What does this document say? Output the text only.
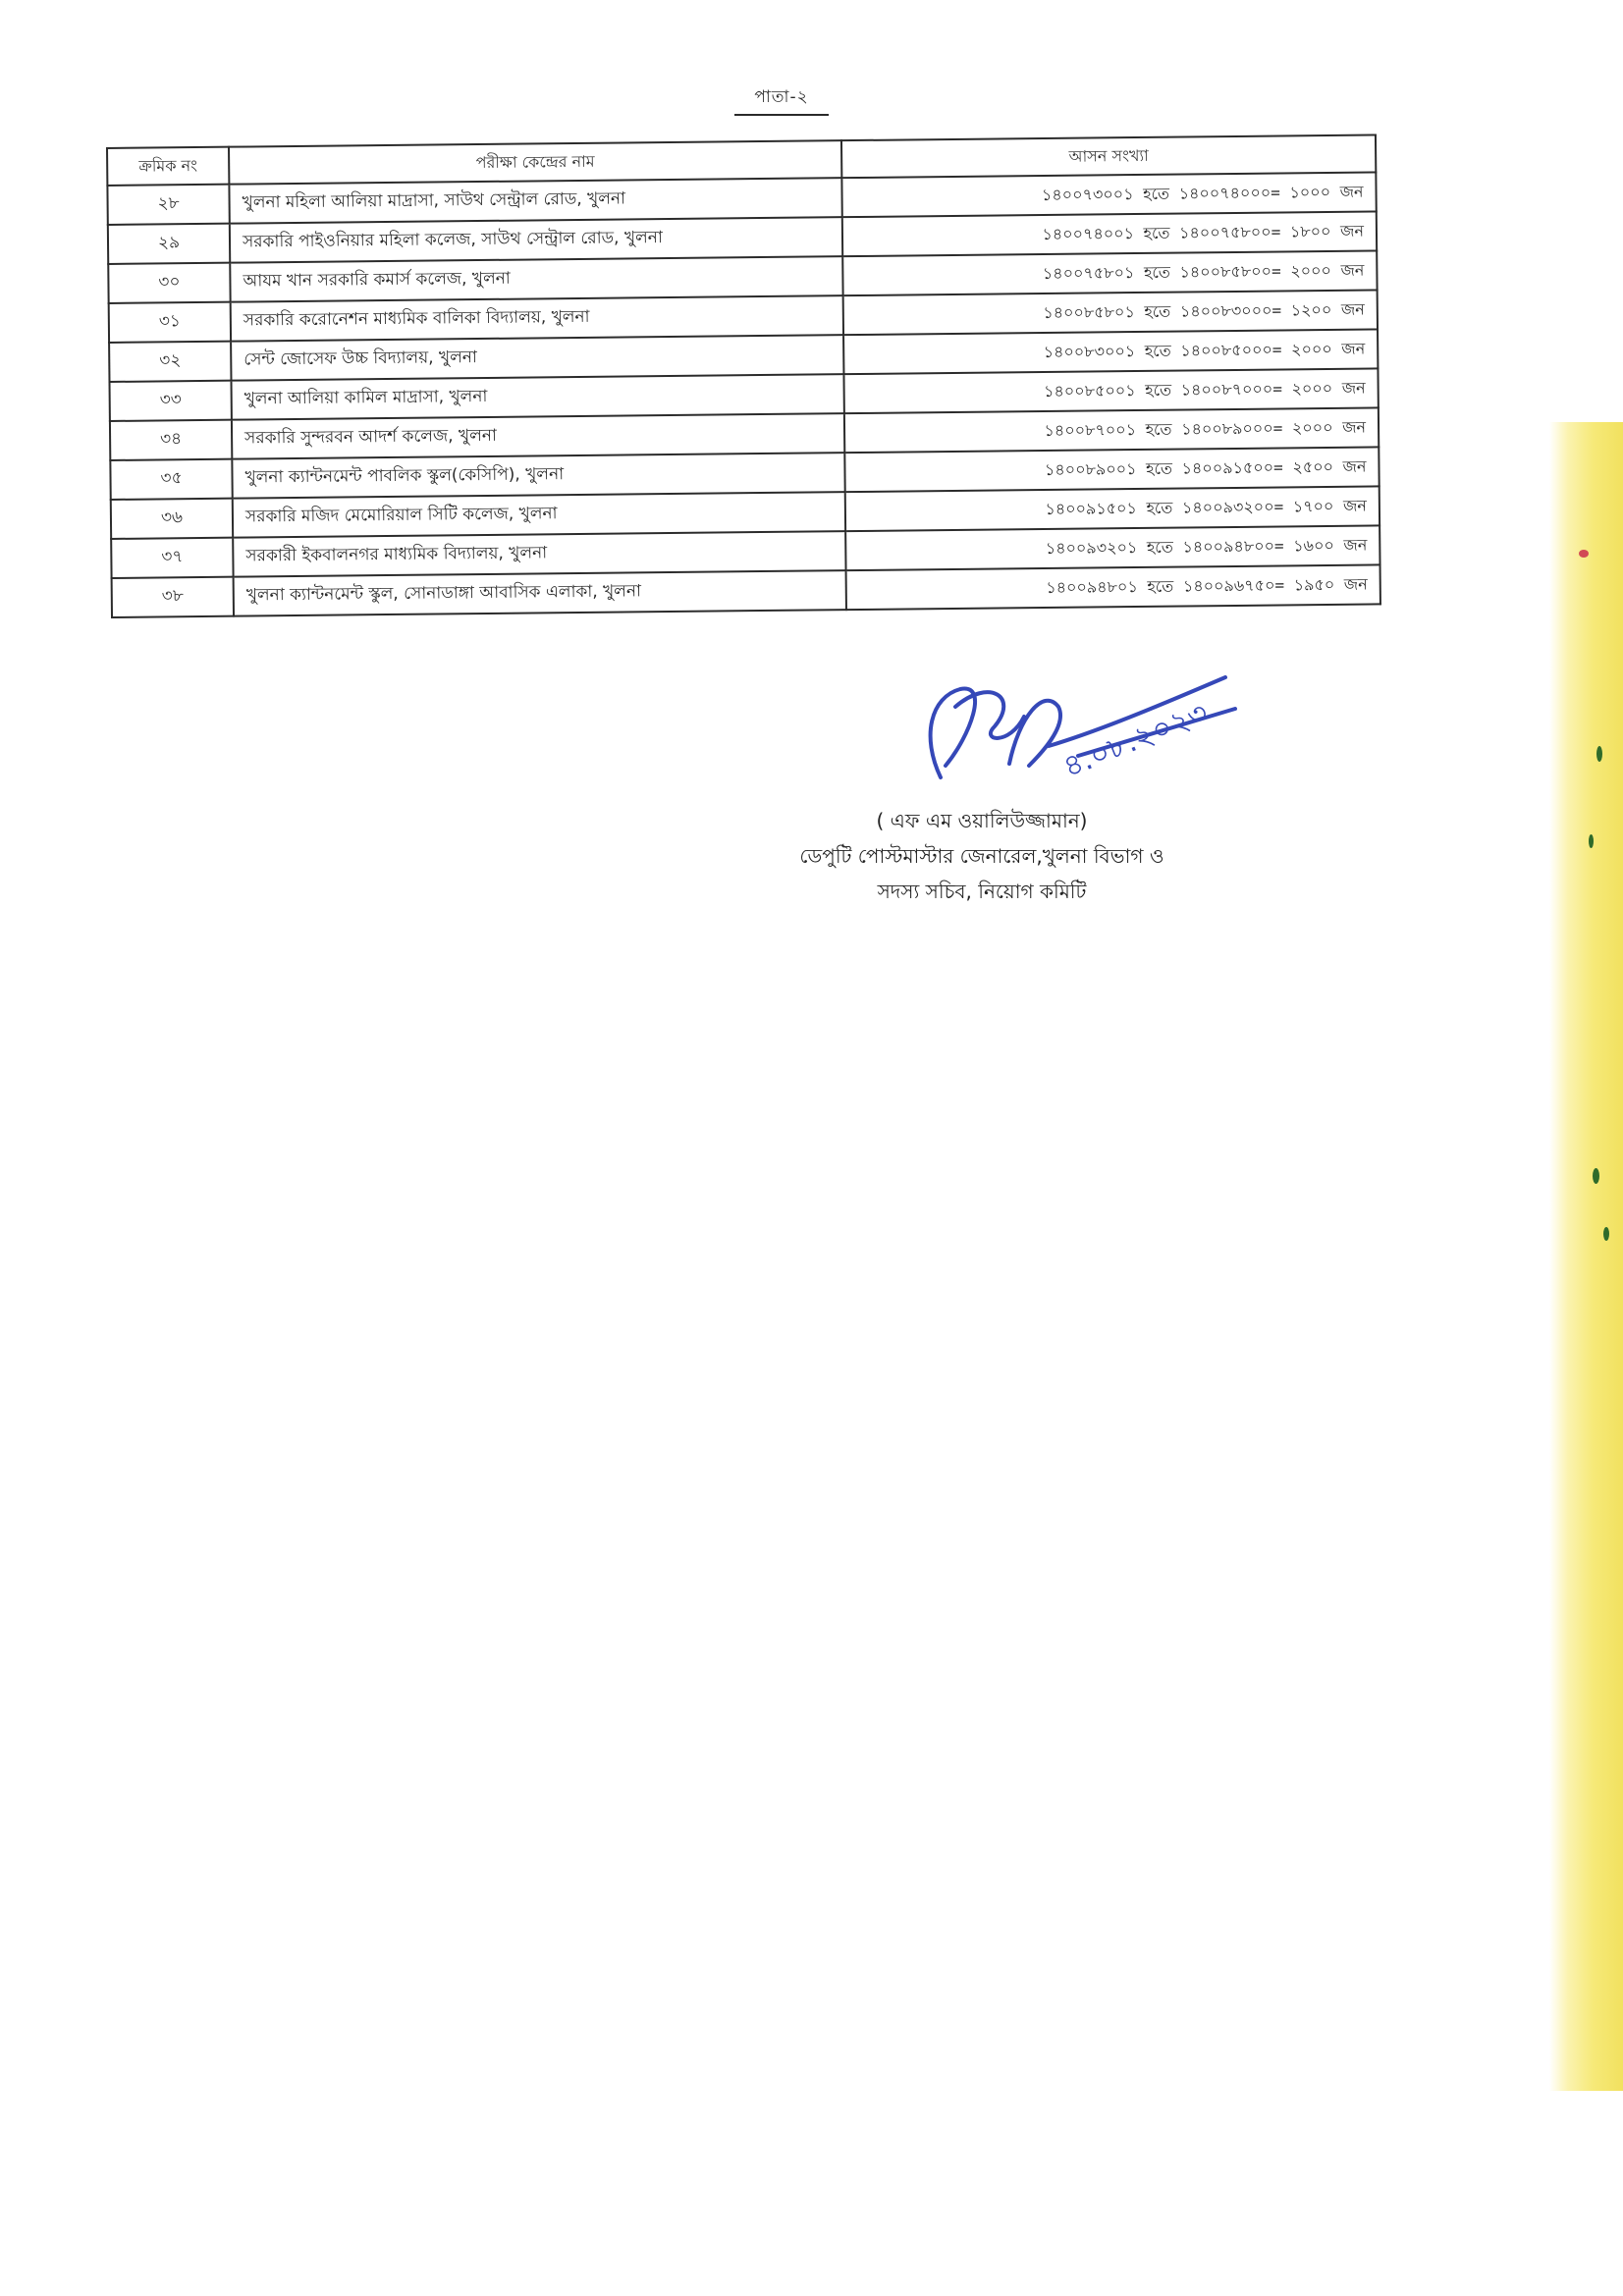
পাতা-২
ক্রমিক নং	পরীক্ষা কেন্দ্রের নাম	আসন সংখ্যা
২৮	খুলনা মহিলা আলিয়া মাদ্রাসা, সাউথ সেন্ট্রাল রোড, খুলনা	১৪০০৭৩০০১ হতে ১৪০০৭৪০০০= ১০০০ জন
২৯	সরকারি পাইওনিয়ার মহিলা কলেজ, সাউথ সেন্ট্রাল রোড, খুলনা	১৪০০৭৪০০১ হতে ১৪০০৭৫৮০০= ১৮০০ জন
৩০	আযম খান সরকারি কমার্স কলেজ, খুলনা	১৪০০৭৫৮০১ হতে ১৪০০৮৫৮০০= ২০০০ জন
৩১	সরকারি করোনেশন মাধ্যমিক বালিকা বিদ্যালয়, খুলনা	১৪০০৮৫৮০১ হতে ১৪০০৮৩০০০= ১২০০ জন
৩২	সেন্ট জোসেফ উচ্চ বিদ্যালয়, খুলনা	১৪০০৮৩০০১ হতে ১৪০০৮৫০০০= ২০০০ জন
৩৩	খুলনা আলিয়া কামিল মাদ্রাসা, খুলনা	১৪০০৮৫০০১ হতে ১৪০০৮৭০০০= ২০০০ জন
৩৪	সরকারি সুন্দরবন আদর্শ কলেজ, খুলনা	১৪০০৮৭০০১ হতে ১৪০০৮৯০০০= ২০০০ জন
৩৫	খুলনা ক্যান্টনমেন্ট পাবলিক স্কুল(কেসিপি), খুলনা	১৪০০৮৯০০১ হতে ১৪০০৯১৫০০= ২৫০০ জন
৩৬	সরকারি মজিদ মেমোরিয়াল সিটি কলেজ, খুলনা	১৪০০৯১৫০১ হতে ১৪০০৯৩২০০= ১৭০০ জন
৩৭	সরকারী ইকবালনগর মাধ্যমিক বিদ্যালয়, খুলনা	১৪০০৯৩২০১ হতে ১৪০০৯৪৮০০= ১৬০০ জন
৩৮	খুলনা ক্যান্টনমেন্ট স্কুল, সোনাডাঙ্গা আবাসিক এলাকা, খুলনা	১৪০০৯৪৮০১ হতে ১৪০০৯৬৭৫০= ১৯৫০ জন
৪.০৮.২০২৩
( এফ এম ওয়ালিউজ্জামান)
ডেপুটি পোস্টমাস্টার জেনারেল,খুলনা বিভাগ ও
সদস্য সচিব, নিয়োগ কমিটি
